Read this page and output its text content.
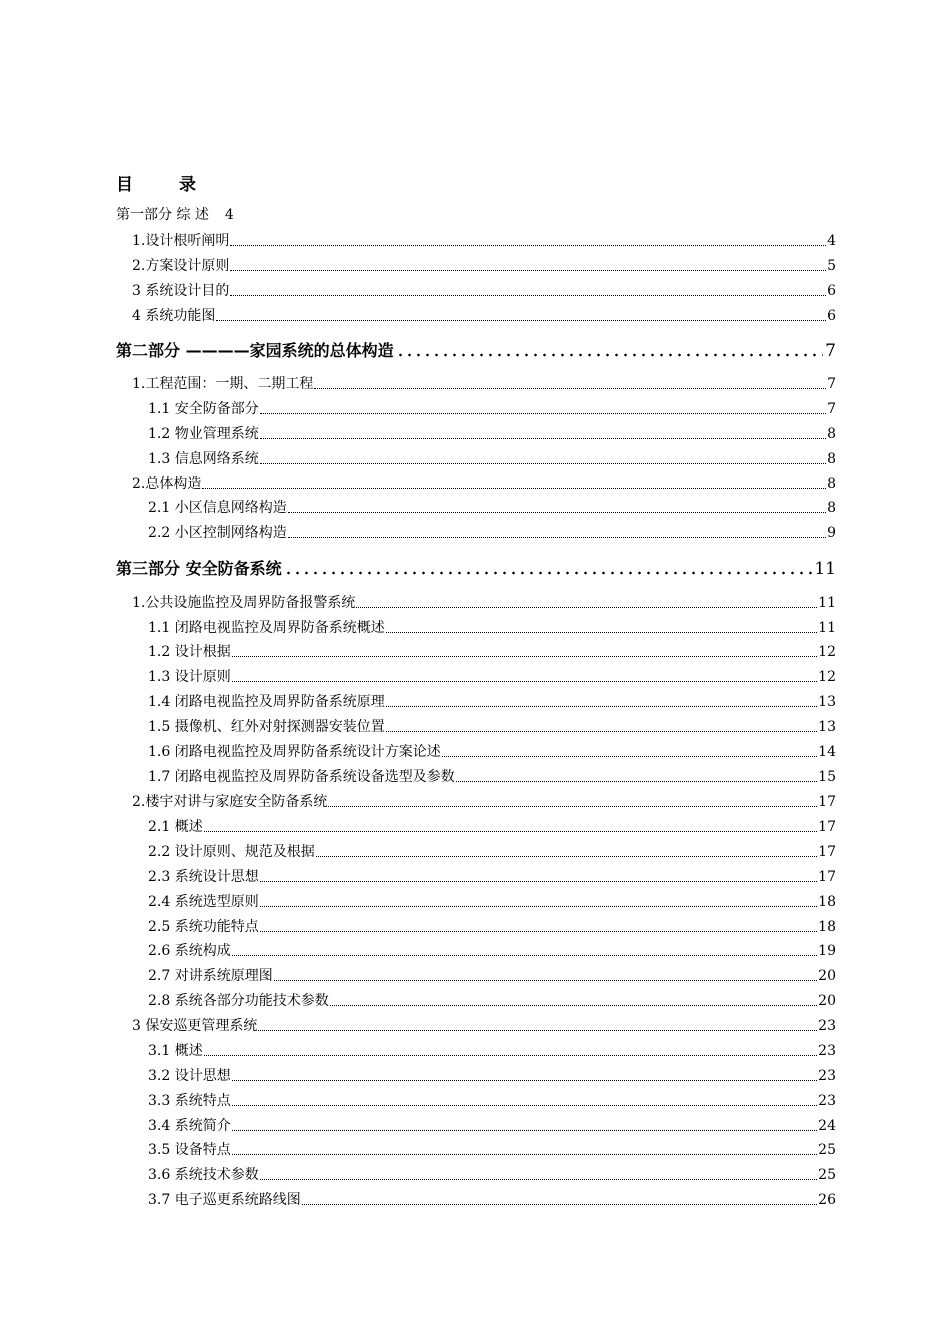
目	录
第一部分 综 述 4
1.设计根听阐明	4
2.方案设计原则	5
3 系统设计目的	6
4 系统功能图	6
第二部分 ————家园系统的总体构造	7
1.工程范围：一期、二期工程	7
1.1 安全防备部分	7
1.2 物业管理系统	8
1.3 信息网络系统	8
2.总体构造	8
2.1 小区信息网络构造	8
2.2 小区控制网络构造	9
第三部分 安全防备系统	11
1.公共设施监控及周界防备报警系统	11
1.1 闭路电视监控及周界防备系统概述	11
1.2 设计根据	12
1.3 设计原则	12
1.4 闭路电视监控及周界防备系统原理	13
1.5 摄像机、红外对射探测器安装位置	13
1.6 闭路电视监控及周界防备系统设计方案论述	14
1.7 闭路电视监控及周界防备系统设备选型及参数	15
2.楼宇对讲与家庭安全防备系统	17
2.1 概述	17
2.2 设计原则、规范及根据	17
2.3 系统设计思想	17
2.4 系统选型原则	18
2.5 系统功能特点	18
2.6 系统构成	19
2.7 对讲系统原理图	20
2.8 系统各部分功能技术参数	20
3 保安巡更管理系统	23
3.1 概述	23
3.2 设计思想	23
3.3 系统特点	23
3.4 系统简介	24
3.5 设备特点	25
3.6 系统技术参数	25
3.7 电子巡更系统路线图	26
